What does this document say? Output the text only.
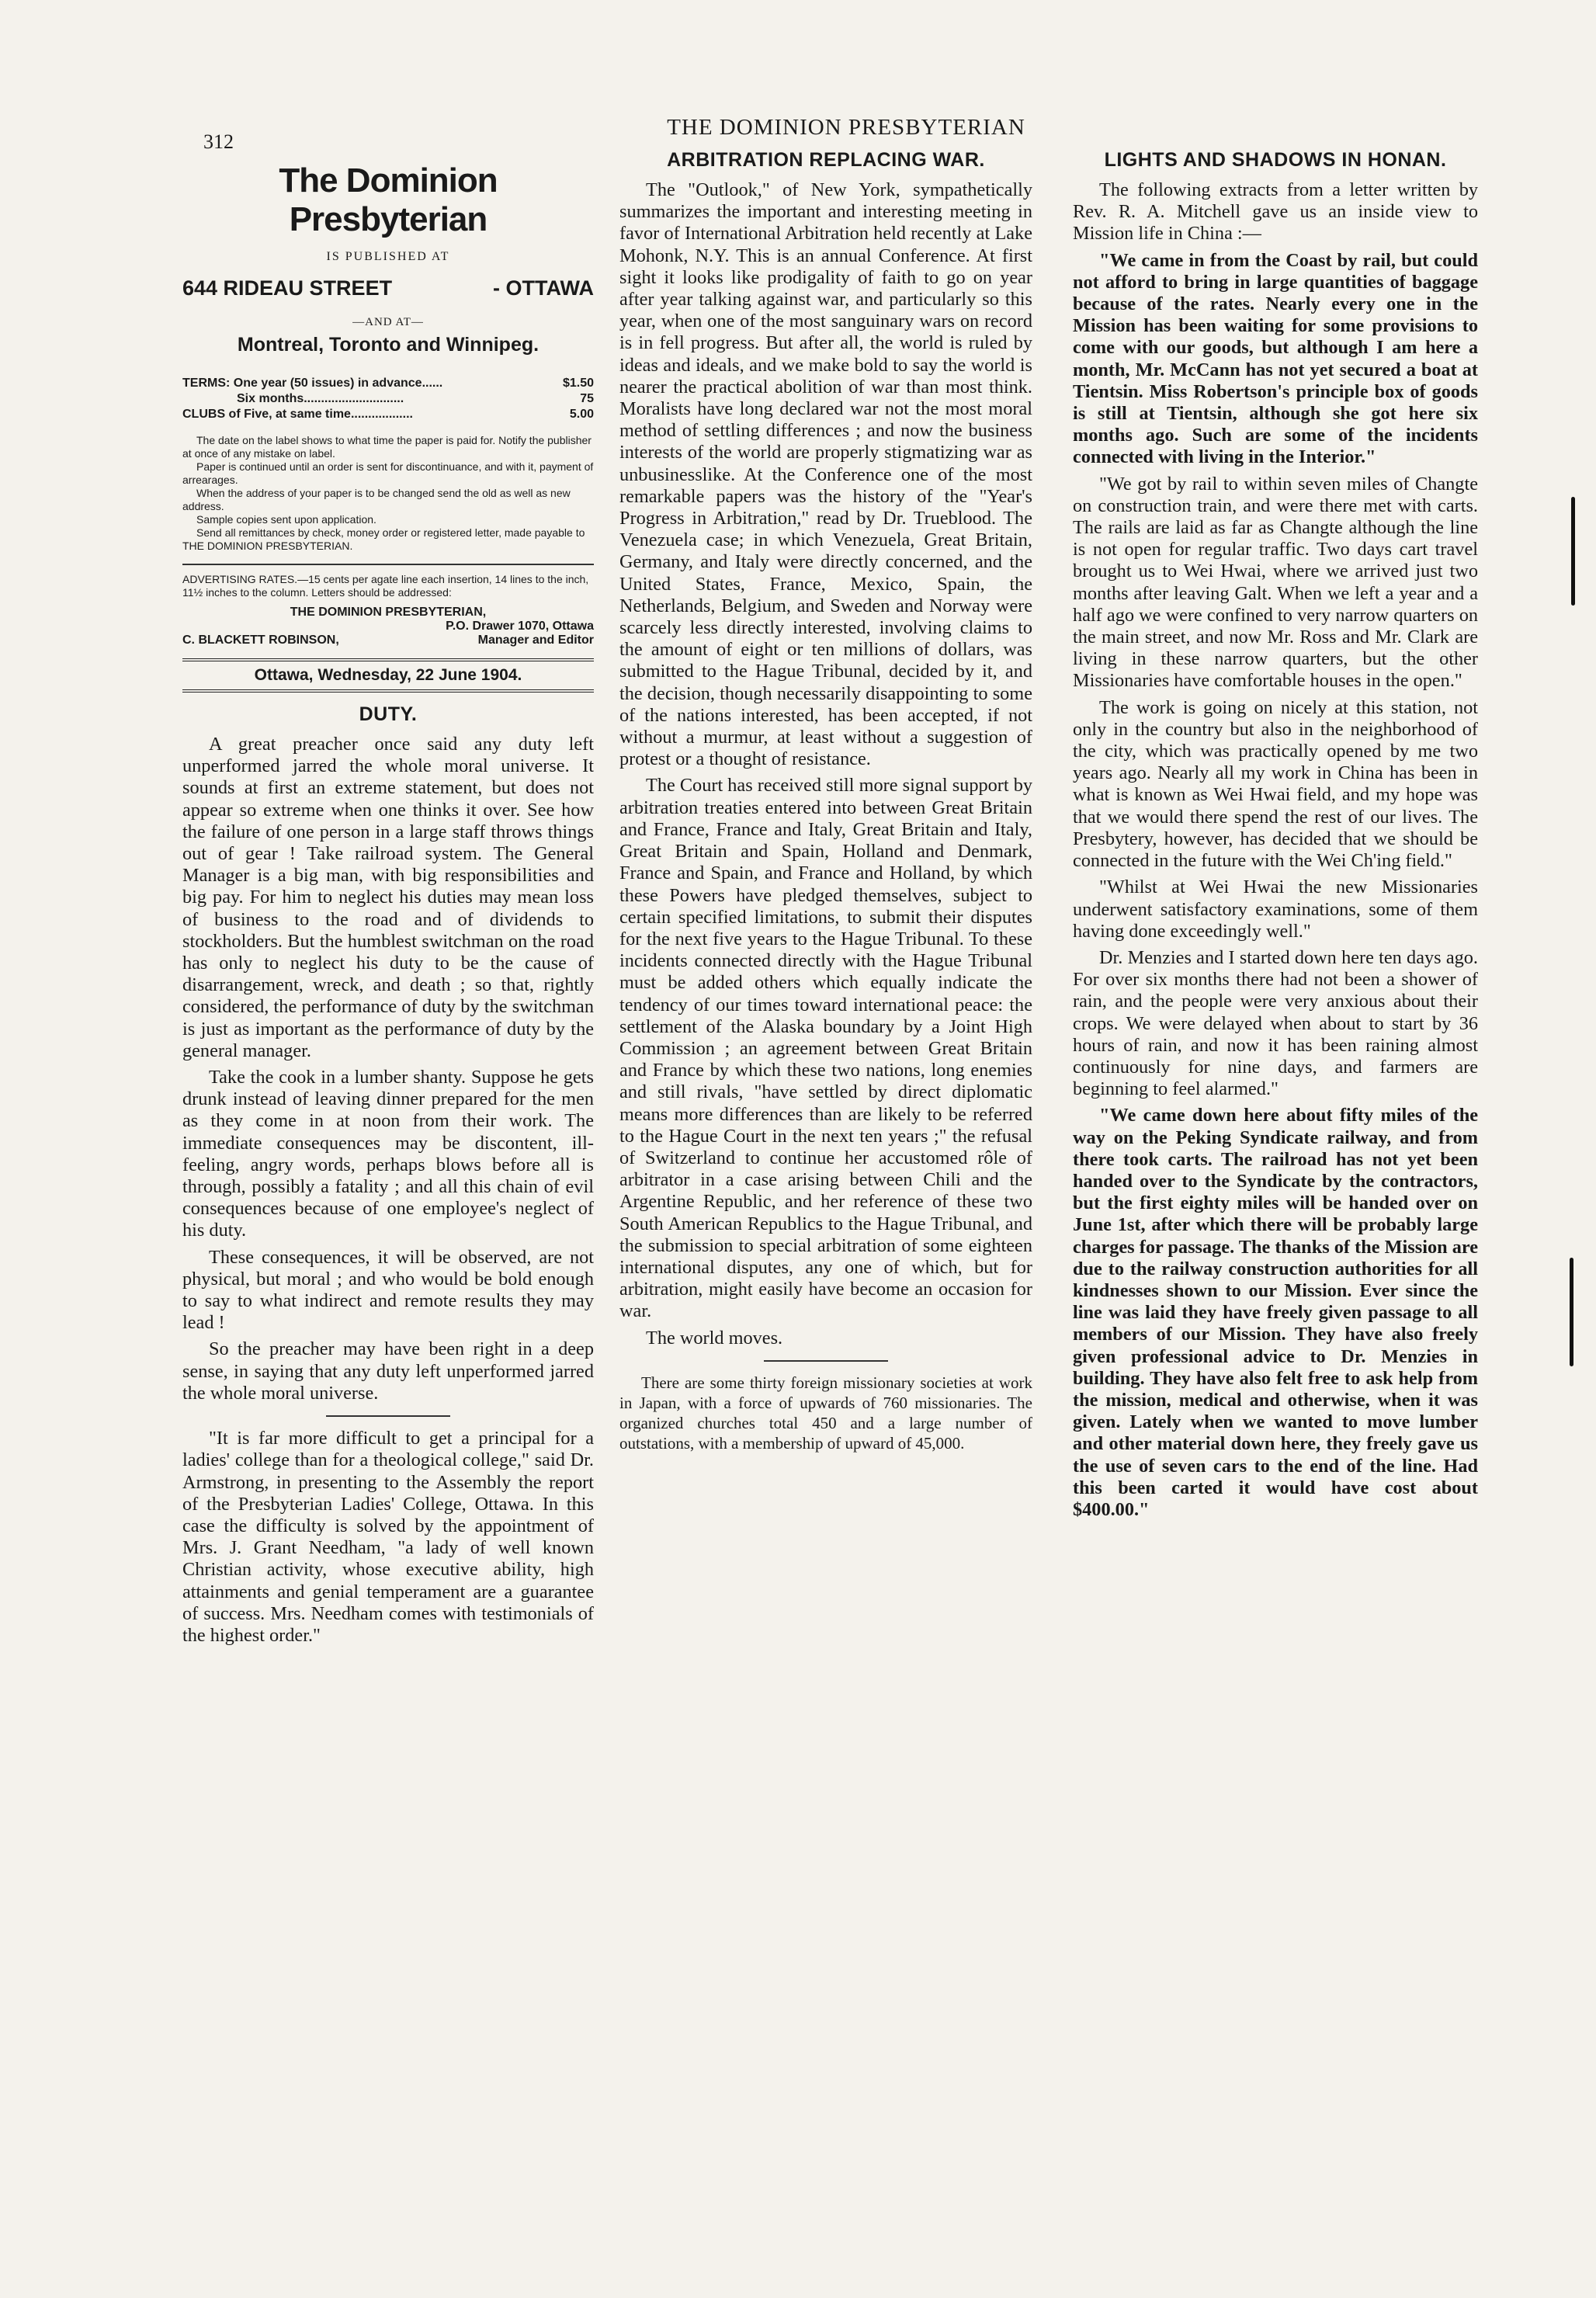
312
THE DOMINION PRESBYTERIAN
The Dominion Presbyterian
IS PUBLISHED AT
644 RIDEAU STREET	- OTTAWA
—AND AT—
Montreal, Toronto and Winnipeg.
TERMS: One year (50 issues) in advance......	$1.50
Six months.............................	75
CLUBS of Five, at same time..................	5.00

The date on the label shows to what time the paper is paid for. Notify the publisher at once of any mistake on label.

Paper is continued until an order is sent for discontinuance, and with it, payment of arrearages.

When the address of your paper is to be changed send the old as well as new address.

Sample copies sent upon application.

Send all remittances by check, money order or registered letter, made payable to THE DOMINION PRESBYTERIAN.

ADVERTISING RATES.—15 cents per agate line each insertion, 14 lines to the inch, 11½ inches to the column. Letters should be addressed:
THE DOMINION PRESBYTERIAN,
P.O. Drawer 1070, Ottawa
C. BLACKETT ROBINSON,	Manager and Editor
Ottawa, Wednesday, 22 June 1904.
DUTY.

A great preacher once said any duty left unperformed jarred the whole moral universe. It sounds at first an extreme statement, but does not appear so extreme when one thinks it over. See how the failure of one person in a large staff throws things out of gear ! Take railroad system. The General Manager is a big man, with big responsibilities and big pay. For him to neglect his duties may mean loss of business to the road and of dividends to stockholders. But the humblest switchman on the road has only to neglect his duty to be the cause of disarrangement, wreck, and death ; so that, rightly considered, the performance of duty by the switchman is just as important as the performance of duty by the general manager.

Take the cook in a lumber shanty. Suppose he gets drunk instead of leaving dinner prepared for the men as they come in at noon from their work. The immediate consequences may be discontent, ill-feeling, angry words, perhaps blows before all is through, possibly a fatality ; and all this chain of evil consequences because of one employee's neglect of his duty.

These consequences, it will be observed, are not physical, but moral ; and who would be bold enough to say to what indirect and remote results they may lead !

So the preacher may have been right in a deep sense, in saying that any duty left unperformed jarred the whole moral universe.

"It is far more difficult to get a principal for a ladies' college than for a theological college," said Dr. Armstrong, in presenting to the Assembly the report of the Presbyterian Ladies' College, Ottawa. In this case the difficulty is solved by the appointment of Mrs. J. Grant Needham, "a lady of well known Christian activity, whose executive ability, high attainments and genial temperament are a guarantee of success. Mrs. Needham comes with testimonials of the highest order."

ARBITRATION REPLACING WAR.

The "Outlook," of New York, sympathetically summarizes the important and interesting meeting in favor of International Arbitration held recently at Lake Mohonk, N.Y. This is an annual Conference. At first sight it looks like prodigality of faith to go on year after year talking against war, and particularly so this year, when one of the most sanguinary wars on record is in fell progress. But after all, the world is ruled by ideas and ideals, and we make bold to say the world is nearer the practical abolition of war than most think. Moralists have long declared war not the most moral method of settling differences ; and now the business interests of the world are properly stigmatizing war as unbusinesslike. At the Conference one of the most remarkable papers was the history of the "Year's Progress in Arbitration," read by Dr. Trueblood. The Venezuela case; in which Venezuela, Great Britain, Germany, and Italy were directly concerned, and the United States, France, Mexico, Spain, the Netherlands, Belgium, and Sweden and Norway were scarcely less directly interested, involving claims to the amount of eight or ten millions of dollars, was submitted to the Hague Tribunal, decided by it, and the decision, though necessarily disappointing to some of the nations interested, has been accepted, if not without a murmur, at least without a suggestion of protest or a thought of resistance.

The Court has received still more signal support by arbitration treaties entered into between Great Britain and France, France and Italy, Great Britain and Italy, Great Britain and Spain, Holland and Denmark, France and Spain, and France and Holland, by which these Powers have pledged themselves, subject to certain specified limitations, to submit their disputes for the next five years to the Hague Tribunal. To these incidents connected directly with the Hague Tribunal must be added others which equally indicate the tendency of our times toward international peace: the settlement of the Alaska boundary by a Joint High Commission ; an agreement between Great Britain and France by which these two nations, long enemies and still rivals, "have settled by direct diplomatic means more differences than are likely to be referred to the Hague Court in the next ten years ;" the refusal of Switzerland to continue her accustomed rôle of arbitrator in a case arising between Chili and the Argentine Republic, and her reference of these two South American Republics to the Hague Tribunal, and the submission to special arbitration of some eighteen international disputes, any one of which, but for arbitration, might easily have become an occasion for war.

The world moves.

There are some thirty foreign missionary societies at work in Japan, with a force of upwards of 760 missionaries. The organized churches total 450 and a large number of outstations, with a membership of upward of 45,000.

LIGHTS AND SHADOWS IN HONAN.

The following extracts from a letter written by Rev. R. A. Mitchell gave us an inside view to Mission life in China :—

"We came in from the Coast by rail, but could not afford to bring in large quantities of baggage because of the rates. Nearly every one in the Mission has been waiting for some provisions to come with our goods, but although I am here a month, Mr. McCann has not yet secured a boat at Tientsin. Miss Robertson's principle box of goods is still at Tientsin, although she got here six months ago. Such are some of the incidents connected with living in the Interior."

"We got by rail to within seven miles of Changte on construction train, and were there met with carts. The rails are laid as far as Changte although the line is not open for regular traffic. Two days cart travel brought us to Wei Hwai, where we arrived just two months after leaving Galt. When we left a year and a half ago we were confined to very narrow quarters on the main street, and now Mr. Ross and Mr. Clark are living in these narrow quarters, but the other Missionaries have comfortable houses in the open."

The work is going on nicely at this station, not only in the country but also in the neighborhood of the city, which was practically opened by me two years ago. Nearly all my work in China has been in what is known as Wei Hwai field, and my hope was that we would there spend the rest of our lives. The Presbytery, however, has decided that we should be connected in the future with the Wei Ch'ing field."

"Whilst at Wei Hwai the new Missionaries underwent satisfactory examinations, some of them having done exceedingly well."

Dr. Menzies and I started down here ten days ago. For over six months there had not been a shower of rain, and the people were very anxious about their crops. We were delayed when about to start by 36 hours of rain, and now it has been raining almost continuously for nine days, and farmers are beginning to feel alarmed."

"We came down here about fifty miles of the way on the Peking Syndicate railway, and from there took carts. The railroad has not yet been handed over to the Syndicate by the contractors, but the first eighty miles will be handed over on June 1st, after which there will be probably large charges for passage. The thanks of the Mission are due to the railway construction authorities for all kindnesses shown to our Mission. Ever since the line was laid they have freely given passage to all members of our Mission. They have also freely given professional advice to Dr. Menzies in building. They have also felt free to ask help from the mission, medical and otherwise, when it was given. Lately when we wanted to move lumber and other material down here, they freely gave us the use of seven cars to the end of the line. Had this been carted it would have cost about $400.00."
